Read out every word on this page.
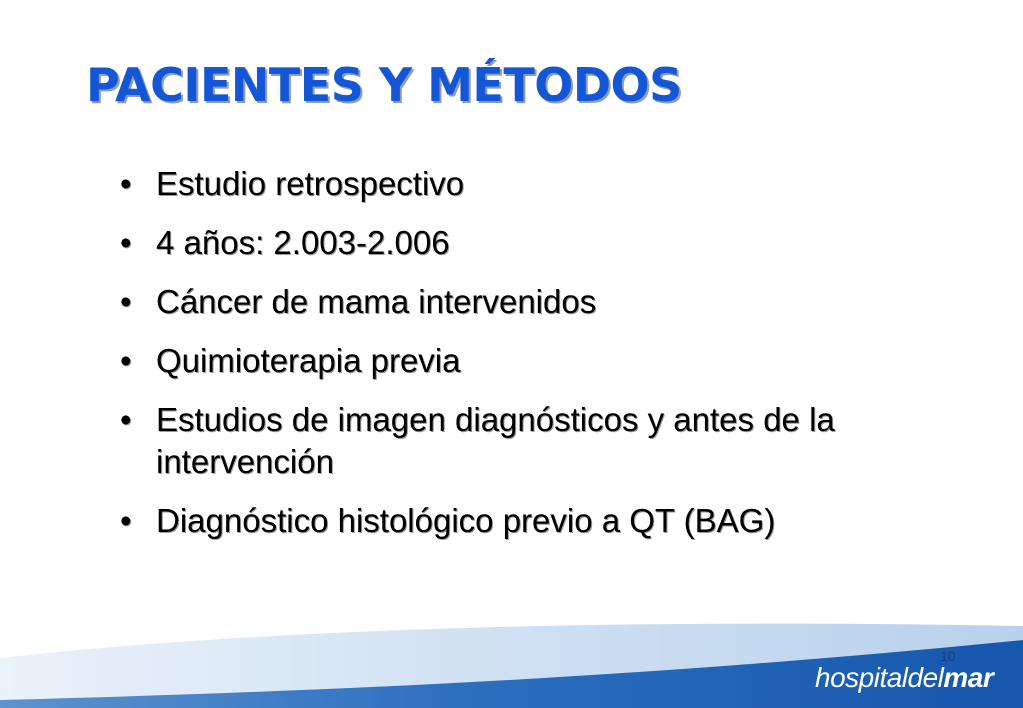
PACIENTES Y MÉTODOS
• Estudio retrospectivo
• 4 años: 2.003-2.006
• Cáncer de mama intervenidos
• Quimioterapia previa
• Estudios de imagen diagnósticos y antes de la intervención
• Diagnóstico histológico previo a QT (BAG)
10
hospitaldelmar
